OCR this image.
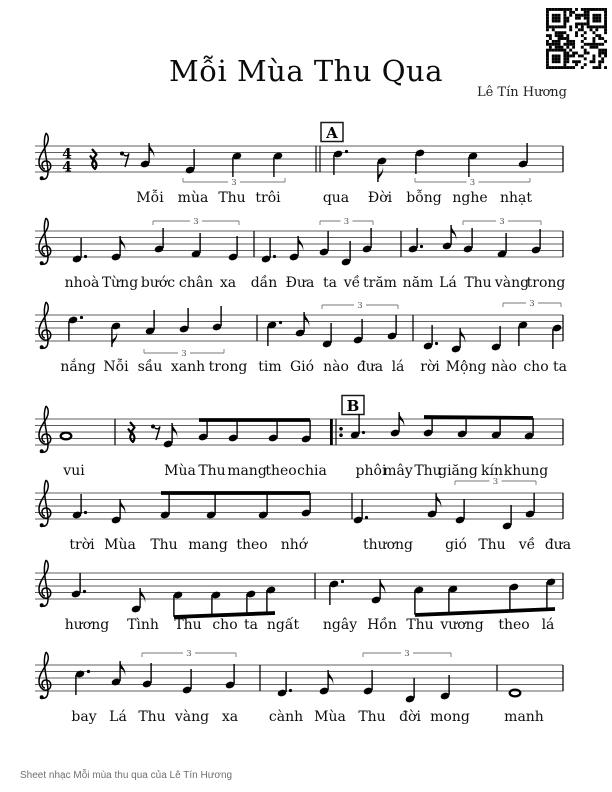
Mỗi Mùa Thu Qua
Lê Tín Hương
4
4
A
3	3
Mỗi mùa Thu trôi	qua Đời bỗng nghe nhạt
3	3	3
nhoà Từng bước chân xa dần Đưa ta về trăm năm Lá Thu vàng
trong
3
3	3
nắng Nỗi sầu xanh trong tim Gió nào đưa lá rời Mộng nào cho ta
B
vui	Mùa Thu mang
theo chia phôi
mây Thu
giăng kín khung
3
trời Mùa Thu mang theo nhớ	thương gió Thu về đưa
hương Tình Thu cho ta ngất ngây Hồn Thu vương theo lá
3	3
bay Lá Thu vàng xa cành Mùa Thu đời mong manh
Sheet nhạc Mỗi mùa thu qua của Lê Tín Hương
